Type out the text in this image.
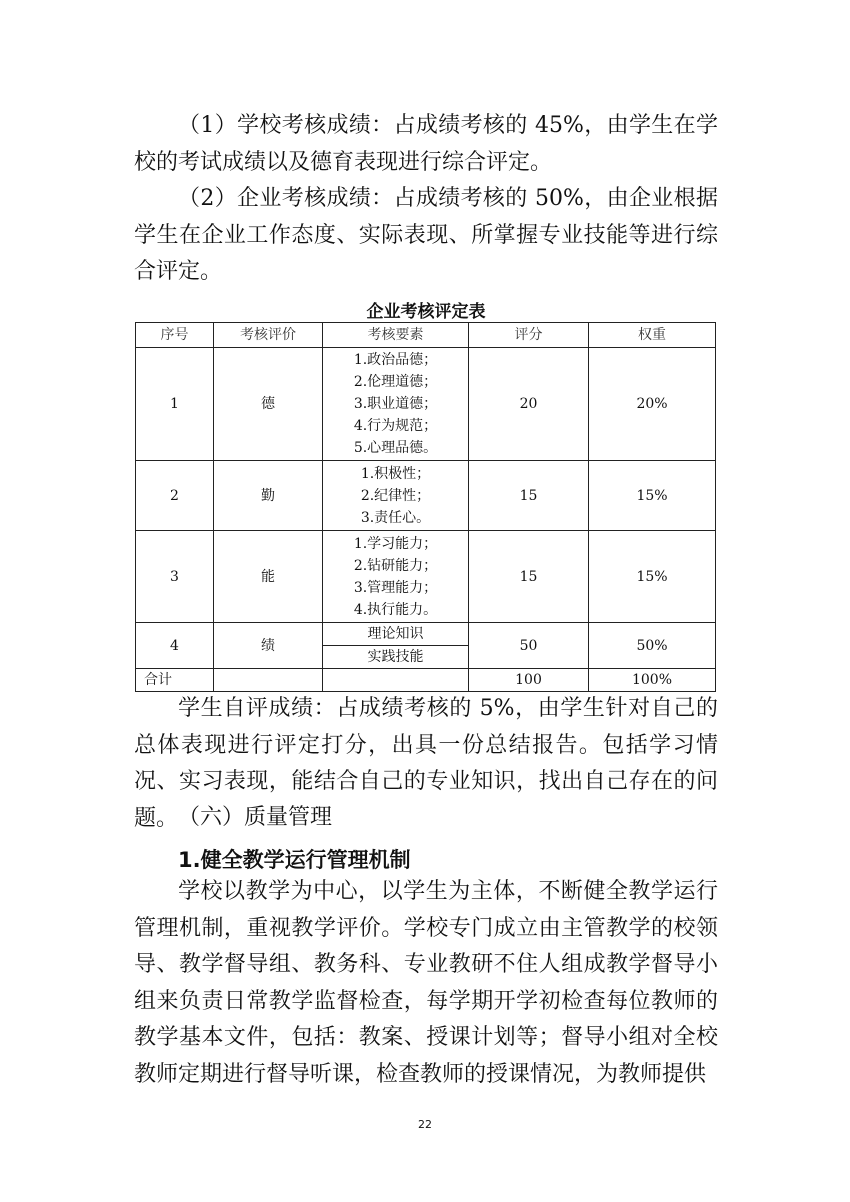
（1）学校考核成绩：占成绩考核的 45%，由学生在学校的考试成绩以及德育表现进行综合评定。

（2）企业考核成绩：占成绩考核的 50%，由企业根据学生在企业工作态度、实际表现、所掌握专业技能等进行综合评定。

企业考核评定表

序号	考核评价	考核要素	评分	权重
1	德	1.政治品德；
2.伦理道德；
3.职业道德；
4.行为规范；
5.心理品德。	20	20%
2	勤	1.积极性；
2.纪律性；
3.责任心。	15	15%
3	能	1.学习能力；
2.钻研能力；
3.管理能力；
4.执行能力。	15	15%
4	绩	理论知识
实践技能	50	50%
合计			100	100%

学生自评成绩：占成绩考核的 5%，由学生针对自己的总体表现进行评定打分，出具一份总结报告。包括学习情况、实习表现，能结合自己的专业知识，找出自己存在的问题。 （六）质量管理

1.健全教学运行管理机制

学校以教学为中心，以学生为主体，不断健全教学运行管理机制，重视教学评价。学校专门成立由主管教学的校领导、教学督导组、教务科、专业教研不住人组成教学督导小组来负责日常教学监督检查，每学期开学初检查每位教师的教学基本文件，包括：教案、授课计划等；督导小组对全校教师定期进行督导听课，检查教师的授课情况，为教师提供

22
